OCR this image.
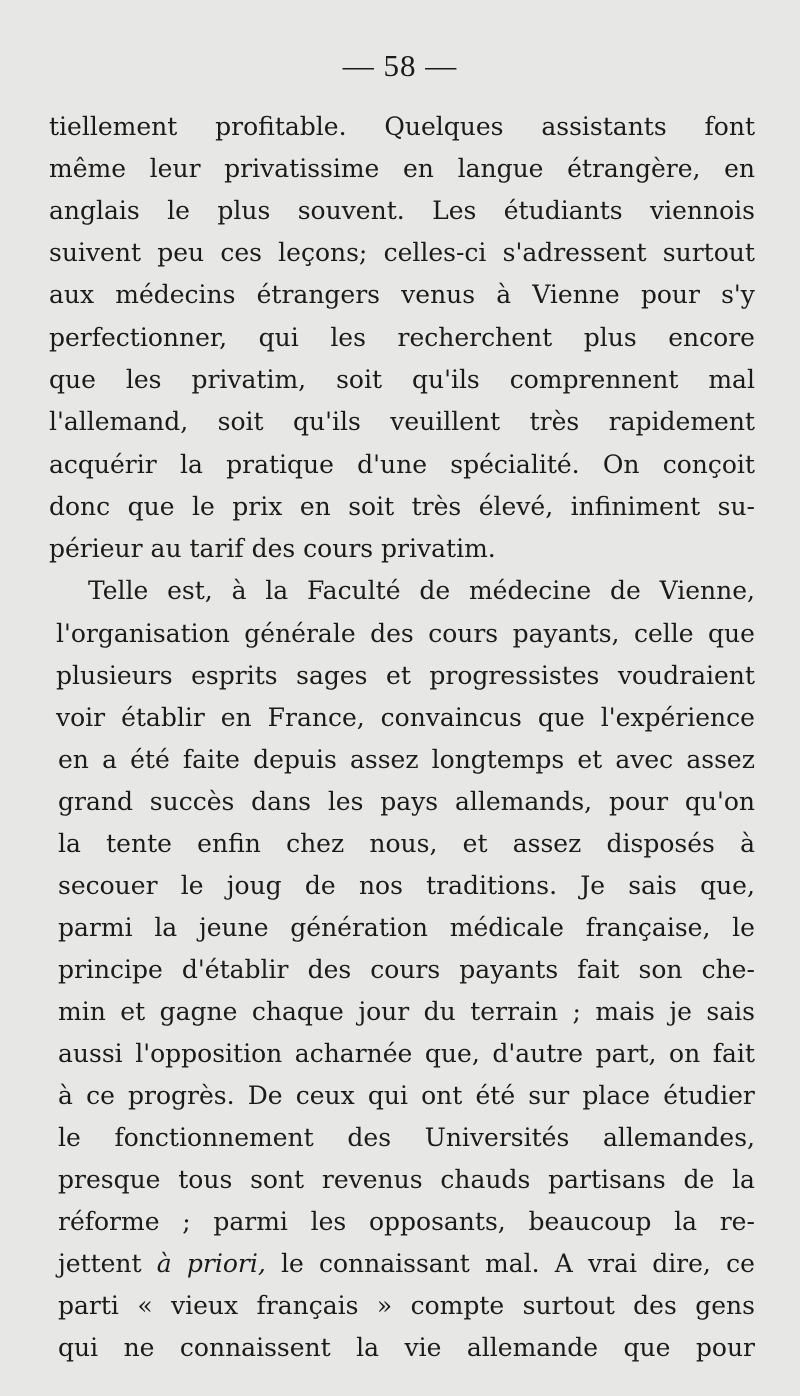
— 58 —
tiellement profitable. Quelques assistants font
même leur privatissime en langue étrangère, en
anglais le plus souvent. Les étudiants viennois
suivent peu ces leçons; celles-ci s'adressent surtout
aux médecins étrangers venus à Vienne pour s'y
perfectionner, qui les recherchent plus encore
que les privatim, soit qu'ils comprennent mal
l'allemand, soit qu'ils veuillent très rapidement
acquérir la pratique d'une spécialité. On conçoit
donc que le prix en soit très élevé, infiniment su-
périeur au tarif des cours privatim.
Telle est, à la Faculté de médecine de Vienne,
l'organisation générale des cours payants, celle que
plusieurs esprits sages et progressistes voudraient
voir établir en France, convaincus que l'expérience
en a été faite depuis assez longtemps et avec assez
grand succès dans les pays allemands, pour qu'on
la tente enfin chez nous, et assez disposés à
secouer le joug de nos traditions. Je sais que,
parmi la jeune génération médicale française, le
principe d'établir des cours payants fait son che-
min et gagne chaque jour du terrain ; mais je sais
aussi l'opposition acharnée que, d'autre part, on fait
à ce progrès. De ceux qui ont été sur place étudier
le fonctionnement des Universités allemandes,
presque tous sont revenus chauds partisans de la
réforme ; parmi les opposants, beaucoup la re-
jettent à priori, le connaissant mal. A vrai dire, ce
parti « vieux français » compte surtout des gens
qui ne connaissent la vie allemande que pour
